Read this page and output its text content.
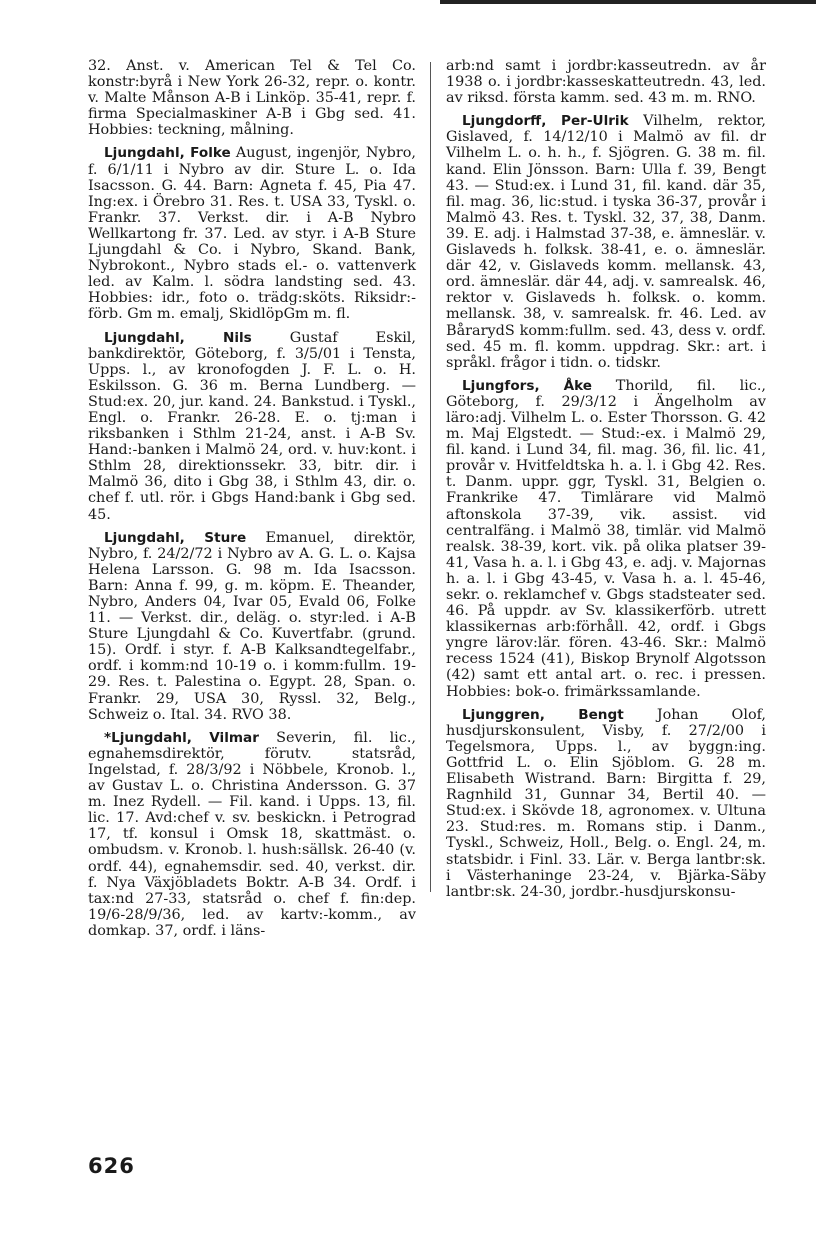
32. Anst. v. American Tel & Tel Co. konstr:byrå i New York 26-32, repr. o. kontr. v. Malte Månson A-B i Linköp. 35-41, repr. f. firma Specialmaskiner A-B i Gbg sed. 41. Hobbies: teckning, målning.

Ljungdahl, Folke August, ingenjör, Nybro, f. 6/1/11 i Nybro av dir. Sture L. o. Ida Isacsson. G. 44. Barn: Agneta f. 45, Pia 47. Ing:ex. i Örebro 31. Res. t. USA 33, Tyskl. o. Frankr. 37. Verkst. dir. i A-B Nybro Wellkartong fr. 37. Led. av styr. i A-B Sture Ljungdahl & Co. i Nybro, Skand. Bank, Nybrokont., Nybro stads el.- o. vattenverk led. av Kalm. l. södra landsting sed. 43. Hobbies: idr., foto o. trädg:sköts. Riksidr:-förb. Gm m. emalj, SkidlöpGm m. fl.

Ljungdahl, Nils Gustaf Eskil, bankdirektör, Göteborg, f. 3/5/01 i Tensta, Upps. l., av kronofogden J. F. L. o. H. Eskilsson. G. 36 m. Berna Lundberg. — Stud:ex. 20, jur. kand. 24. Bankstud. i Tyskl., Engl. o. Frankr. 26-28. E. o. tj:man i riksbanken i Sthlm 21-24, anst. i A-B Sv. Hand:-banken i Malmö 24, ord. v. huv:kont. i Sthlm 28, direktionssekr. 33, bitr. dir. i Malmö 36, dito i Gbg 38, i Sthlm 43, dir. o. chef f. utl. rör. i Gbgs Hand:bank i Gbg sed. 45.

Ljungdahl, Sture Emanuel, direktör, Nybro, f. 24/2/72 i Nybro av A. G. L. o. Kajsa Helena Larsson. G. 98 m. Ida Isacsson. Barn: Anna f. 99, g. m. köpm. E. Theander, Nybro, Anders 04, Ivar 05, Evald 06, Folke 11. — Verkst. dir., deläg. o. styr:led. i A-B Sture Ljungdahl & Co. Kuvertfabr. (grund. 15). Ordf. i styr. f. A-B Kalksandtegelfabr., ordf. i komm:nd 10-19 o. i komm:fullm. 19-29. Res. t. Palestina o. Egypt. 28, Span. o. Frankr. 29, USA 30, Ryssl. 32, Belg., Schweiz o. Ital. 34. RVO 38.

*Ljungdahl, Vilmar Severin, fil. lic., egnahemsdirektör, förutv. statsråd, Ingelstad, f. 28/3/92 i Nöbbele, Kronob. l., av Gustav L. o. Christina Andersson. G. 37 m. Inez Rydell. — Fil. kand. i Upps. 13, fil. lic. 17. Avd:chef v. sv. beskickn. i Petrograd 17, tf. konsul i Omsk 18, skattmäst. o. ombudsm. v. Kronob. l. hush:sällsk. 26-40 (v. ordf. 44), egnahemsdir. sed. 40, verkst. dir. f. Nya Växjöbladets Boktr. A-B 34. Ordf. i tax:nd 27-33, statsråd o. chef f. fin:dep. 19/6-28/9/36, led. av kartv:-komm., av domkap. 37, ordf. i läns-

arb:nd samt i jordbr:kasseutredn. av år 1938 o. i jordbr:kasseskatteutredn. 43, led. av riksd. första kamm. sed. 43 m. m. RNO.

Ljungdorff, Per-Ulrik Vilhelm, rektor, Gislaved, f. 14/12/10 i Malmö av fil. dr Vilhelm L. o. h. h., f. Sjögren. G. 38 m. fil. kand. Elin Jönsson. Barn: Ulla f. 39, Bengt 43. — Stud:ex. i Lund 31, fil. kand. där 35, fil. mag. 36, lic:stud. i tyska 36-37, provår i Malmö 43. Res. t. Tyskl. 32, 37, 38, Danm. 39. E. adj. i Halmstad 37-38, e. ämneslär. v. Gislaveds h. folksk. 38-41, e. o. ämneslär. där 42, v. Gislaveds komm. mellansk. 43, ord. ämneslär. där 44, adj. v. samrealsk. 46, rektor v. Gislaveds h. folksk. o. komm. mellansk. 38, v. samrealsk. fr. 46. Led. av BårarydS komm:fullm. sed. 43, dess v. ordf. sed. 45 m. fl. komm. uppdrag. Skr.: art. i språkl. frågor i tidn. o. tidskr.

Ljungfors, Åke Thorild, fil. lic., Göteborg, f. 29/3/12 i Ängelholm av läro:adj. Vilhelm L. o. Ester Thorsson. G. 42 m. Maj Elgstedt. — Stud:-ex. i Malmö 29, fil. kand. i Lund 34, fil. mag. 36, fil. lic. 41, provår v. Hvitfeldtska h. a. l. i Gbg 42. Res. t. Danm. uppr. ggr, Tyskl. 31, Belgien o. Frankrike 47. Timlärare vid Malmö aftonskola 37-39, vik. assist. vid centralfäng. i Malmö 38, timlär. vid Malmö realsk. 38-39, kort. vik. på olika platser 39-41, Vasa h. a. l. i Gbg 43, e. adj. v. Majornas h. a. l. i Gbg 43-45, v. Vasa h. a. l. 45-46, sekr. o. reklamchef v. Gbgs stadsteater sed. 46. På uppdr. av Sv. klassikerförb. utrett klassikernas arb:förhåll. 42, ordf. i Gbgs yngre lärov:lär. fören. 43-46. Skr.: Malmö recess 1524 (41), Biskop Brynolf Algotsson (42) samt ett antal art. o. rec. i pressen. Hobbies: bok-o. frimärkssamlande.

Ljunggren, Bengt Johan Olof, husdjurskonsulent, Visby, f. 27/2/00 i Tegelsmora, Upps. l., av byggn:ing. Gottfrid L. o. Elin Sjöblom. G. 28 m. Elisabeth Wistrand. Barn: Birgitta f. 29, Ragnhild 31, Gunnar 34, Bertil 40. — Stud:ex. i Skövde 18, agronomex. v. Ultuna 23. Stud:res. m. Romans stip. i Danm., Tyskl., Schweiz, Holl., Belg. o. Engl. 24, m. statsbidr. i Finl. 33. Lär. v. Berga lantbr:sk. i Västerhaninge 23-24, v. Bjärka-Säby lantbr:sk. 24-30, jordbr.-husdjurskonsu-

626
